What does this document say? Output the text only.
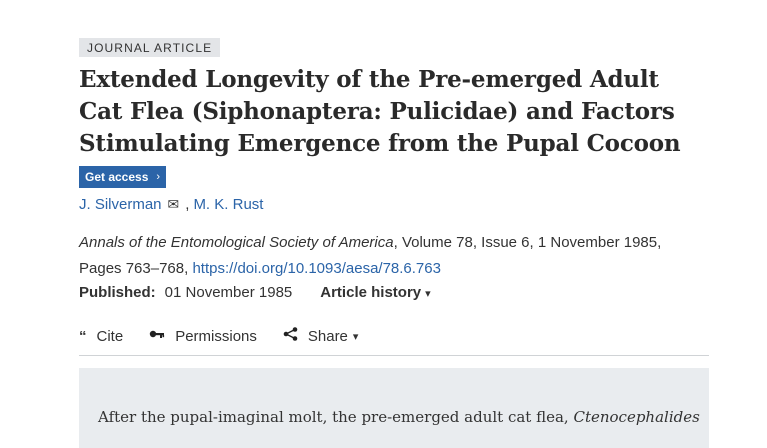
JOURNAL ARTICLE
Extended Longevity of the Pre-emerged Adult Cat Flea (Siphonaptera: Pulicidae) and Factors Stimulating Emergence from the Pupal Cocoon
Get access ›
J. Silverman ✉ , M. K. Rust
Annals of the Entomological Society of America, Volume 78, Issue 6, 1 November 1985,
Pages 763–768, https://doi.org/10.1093/aesa/78.6.763
Published: 01 November 1985 Article history ▾
“ Cite	Permissions	Share ▾

After the pupal-imaginal molt, the pre-emerged adult cat flea, Ctenocephalides
